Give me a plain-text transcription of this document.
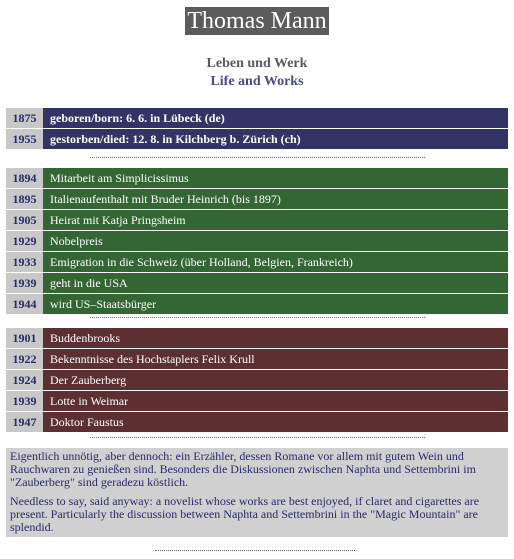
Thomas Mann
Leben und Werk
Life and Works
1875	geboren/born: 6. 6. in Lübeck (de)
1955	gestorben/died: 12. 8. in Kilchberg b. Zürich (ch)
1894	Mitarbeit am Simplicissimus
1895	Italienaufenthalt mit Bruder Heinrich (bis 1897)
1905	Heirat mit Katja Pringsheim
1929	Nobelpreis
1933	Emigration in die Schweiz (über Holland, Belgien, Frankreich)
1939	geht in die USA
1944	wird US–Staatsbürger
1901	Buddenbrooks
1922	Bekenntnisse des Hochstaplers Felix Krull
1924	Der Zauberberg
1939	Lotte in Weimar
1947	Doktor Faustus

Eigentlich unnötig, aber dennoch: ein Erzähler, dessen Romane vor allem mit gutem Wein und Rauchwaren zu genießen sind. Besonders die Diskussionen zwischen Naphta und Settembrini im "Zauberberg" sind geradezu köstlich.

Needless to say, said anyway: a novelist whose works are best enjoyed, if claret and cigarettes are present. Particularly the discussion between Naphta and Settembrini in the "Magic Mountain" are splendid.
